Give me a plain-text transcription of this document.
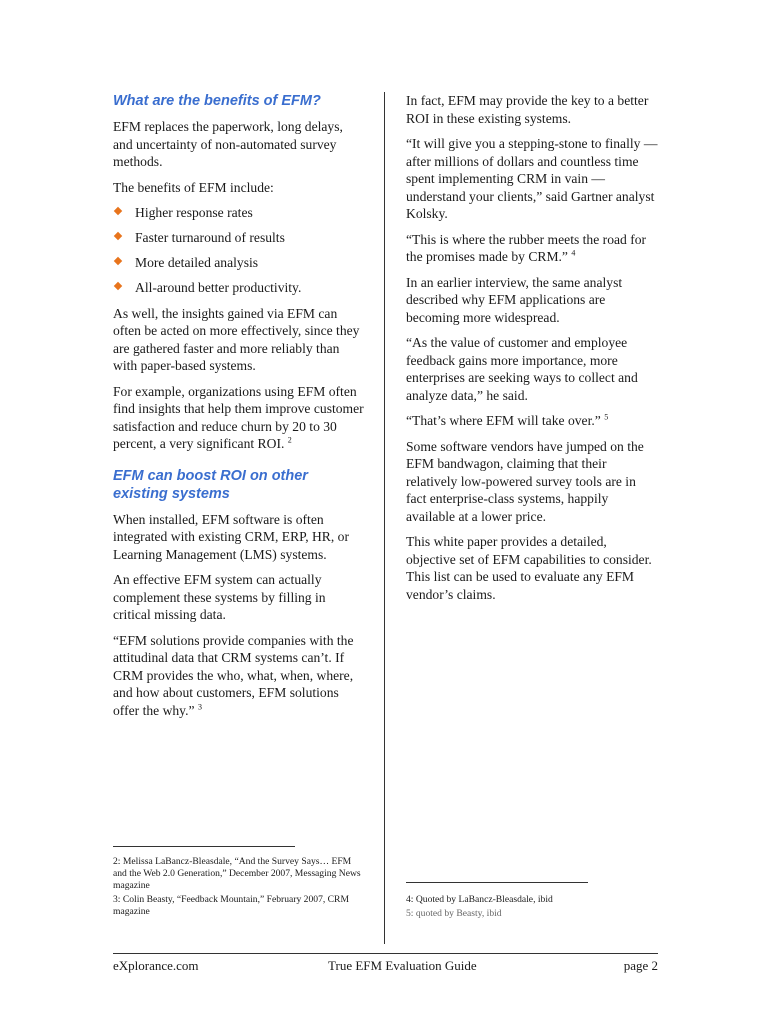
What are the benefits of EFM?

EFM replaces the paperwork, long delays, and uncertainty of non-automated survey methods.

The benefits of EFM include:

Higher response rates
Faster turnaround of results
More detailed analysis
All-around better productivity.

As well, the insights gained via EFM can often be acted on more effectively, since they are gathered faster and more reliably than with paper-based systems.

For example, organizations using EFM often find insights that help them improve customer satisfaction and reduce churn by 20 to 30 percent, a very significant ROI. $^2$

EFM can boost ROI on other existing systems

When installed, EFM software is often integrated with existing CRM, ERP, HR, or Learning Management (LMS) systems.

An effective EFM system can actually complement these systems by filling in critical missing data.

“EFM solutions provide companies with the attitudinal data that CRM systems can’t. If CRM provides the who, what, when, where, and how about customers, EFM solutions offer the why.” $^3$

In fact, EFM may provide the key to a better ROI in these existing systems.

“It will give you a stepping-stone to finally — after millions of dollars and countless time spent implementing CRM in vain — understand your clients,” said Gartner analyst Kolsky.

“This is where the rubber meets the road for the promises made by CRM.” $^4$

In an earlier interview, the same analyst described why EFM applications are becoming more widespread.

“As the value of customer and employee feedback gains more importance, more enterprises are seeking ways to collect and analyze data,” he said.

“That’s where EFM will take over.” $^5$

Some software vendors have jumped on the EFM bandwagon, claiming that their relatively low-powered survey tools are in fact enterprise-class systems, happily available at a lower price.

This white paper provides a detailed, objective set of EFM capabilities to consider. This list can be used to evaluate any EFM vendor’s claims.

2: Melissa LaBancz-Bleasdale, “And the Survey Says… EFM and the Web 2.0 Generation,” December 2007, Messaging News magazine

3: Colin Beasty, “Feedback Mountain,” February 2007, CRM magazine

4: Quoted by LaBancz-Bleasdale, ibid

5: quoted by Beasty, ibid

eXplorance.com	True EFM Evaluation Guide	page 2
